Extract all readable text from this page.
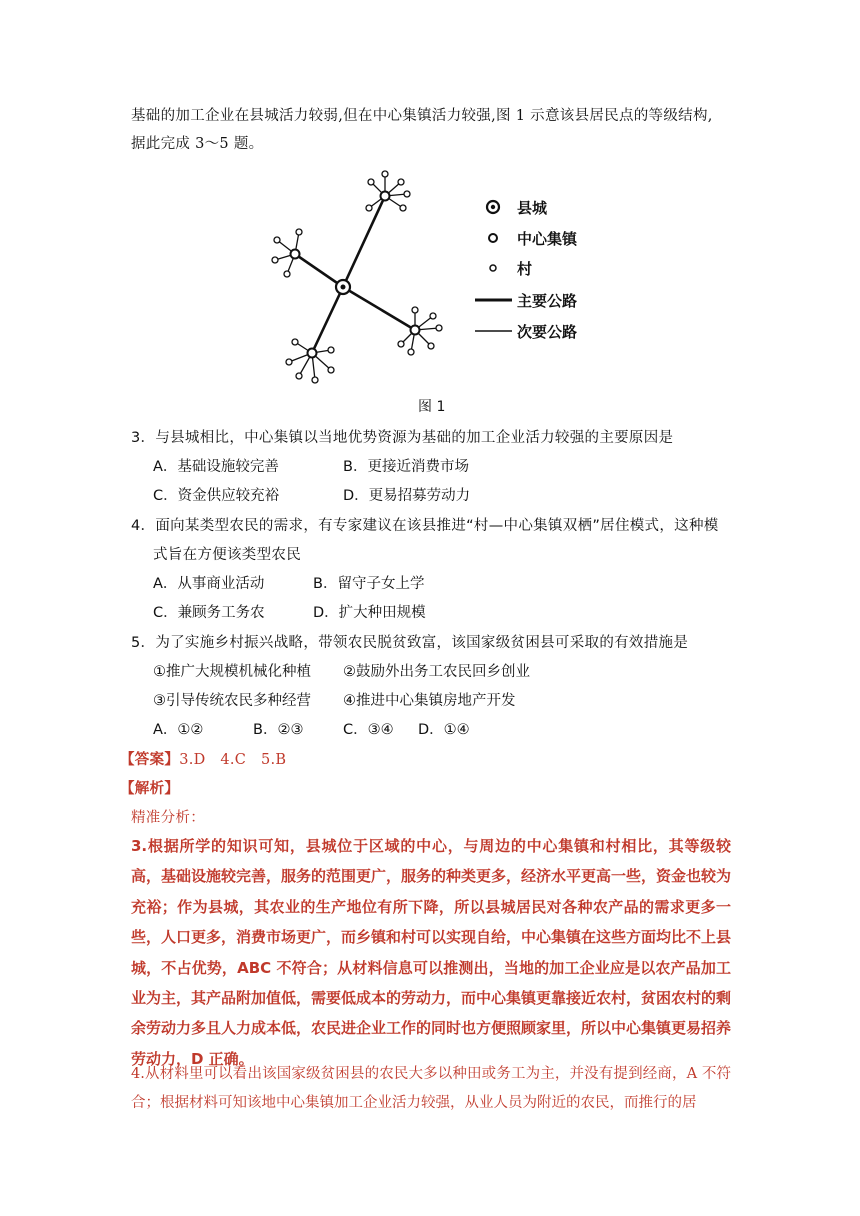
基础的加工企业在县城活力较弱,但在中心集镇活力较强,图 1 示意该县居民点的等级结构,
据此完成 3～5 题。
县城
中心集镇
村
主要公路
次要公路
图 1
3．与县城相比，中心集镇以当地优势资源为基础的加工企业活力较强的主要原因是
A．基础设施较完善	B．更接近消费市场
C．资金供应较充裕	D．更易招募劳动力
4．面向某类型农民的需求，有专家建议在该县推进“村—中心集镇双栖”居住模式，这种模
式旨在方便该类型农民
A．从事商业活动	B．留守子女上学
C．兼顾务工务农	D．扩大种田规模
5．为了实施乡村振兴战略，带领农民脱贫致富，该国家级贫困县可采取的有效措施是
①推广大规模机械化种植 ②鼓励外出务工农民回乡创业
③引导传统农民多种经营 ④推进中心集镇房地产开发
A．①②	B．②③	C．③④ D．①④
【答案】3.D　4.C　5.B
【解析】
精准分析：
3.根据所学的知识可知，县城位于区域的中心，与周边的中心集镇和村相比，其等级较高，基础设施较完善，服务的范围更广，服务的种类更多，经济水平更高一些，资金也较为充裕；作为县城，其农业的生产地位有所下降，所以县城居民对各种农产品的需求更多一些，人口更多，消费市场更广，而乡镇和村可以实现自给，中心集镇在这些方面均比不上县城，不占优势，ABC 不符合；从材料信息可以推测出，当地的加工企业应是以农产品加工业为主，其产品附加值低，需要低成本的劳动力，而中心集镇更靠接近农村，贫困农村的剩余劳动力多且人力成本低，农民进企业工作的同时也方便照顾家里，所以中心集镇更易招养劳动力，D 正确。
4.从材料里可以看出该国家级贫困县的农民大多以种田或务工为主，并没有提到经商，A 不符合；根据材料可知该地中心集镇加工企业活力较强，从业人员为附近的农民，而推行的居
